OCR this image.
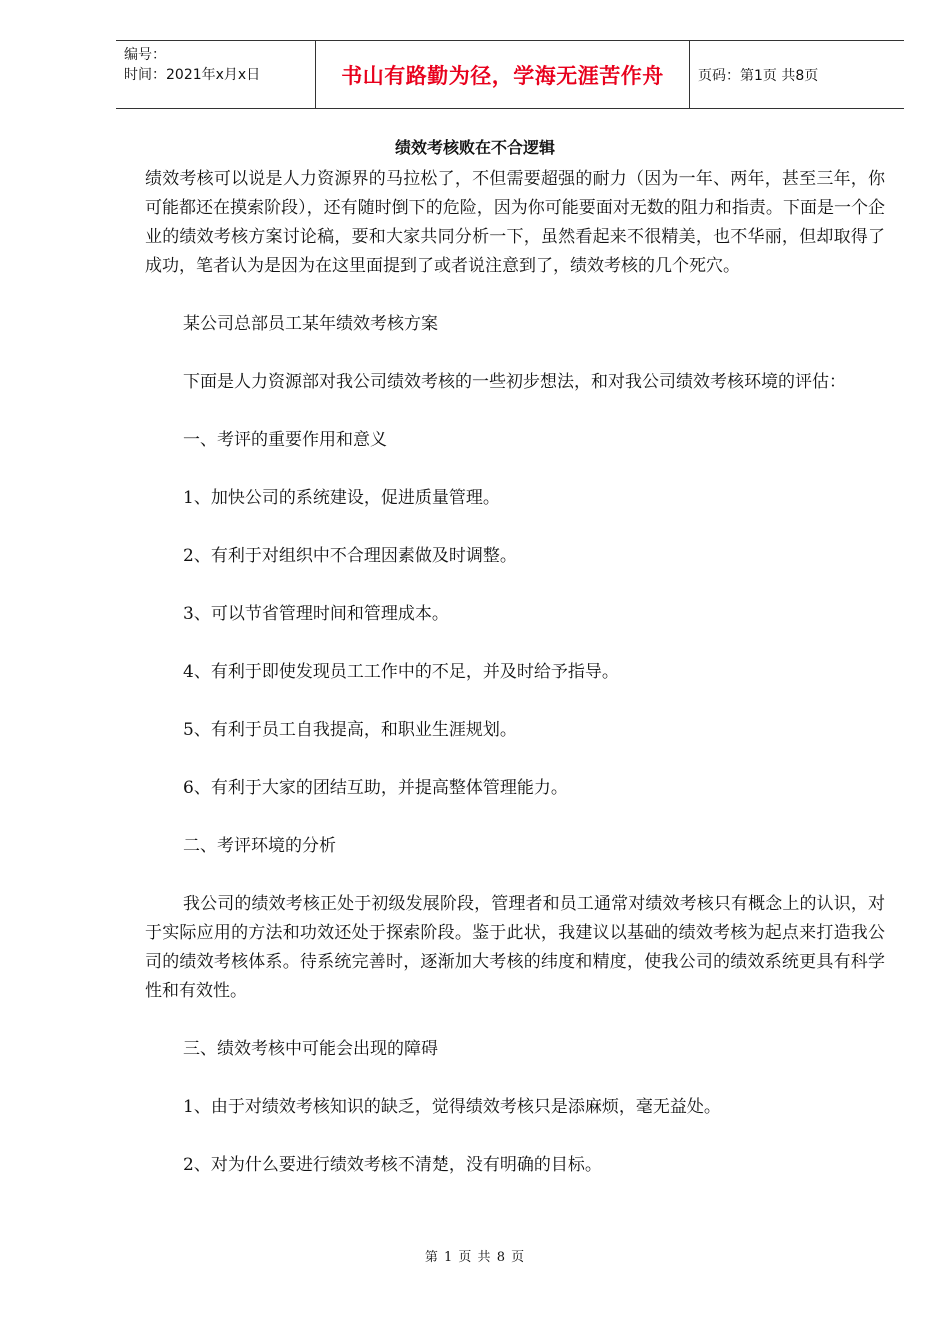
编号：
时间：2021年x月x日	书山有路勤为径，学海无涯苦作舟	页码：第1页 共8页
绩效考核败在不合逻辑

绩效考核可以说是人力资源界的马拉松了，不但需要超强的耐力（因为一年、两年，甚至三年，你可能都还在摸索阶段），还有随时倒下的危险，因为你可能要面对无数的阻力和指责。下面是一个企业的绩效考核方案讨论稿，要和大家共同分析一下，虽然看起来不很精美，也不华丽，但却取得了成功，笔者认为是因为在这里面提到了或者说注意到了，绩效考核的几个死穴。

某公司总部员工某年绩效考核方案

下面是人力资源部对我公司绩效考核的一些初步想法，和对我公司绩效考核环境的评估：

一、考评的重要作用和意义

1、加快公司的系统建设，促进质量管理。

2、有利于对组织中不合理因素做及时调整。

3、可以节省管理时间和管理成本。

4、有利于即使发现员工工作中的不足，并及时给予指导。

5、有利于员工自我提高，和职业生涯规划。

6、有利于大家的团结互助，并提高整体管理能力。

二、考评环境的分析

我公司的绩效考核正处于初级发展阶段，管理者和员工通常对绩效考核只有概念上的认识，对于实际应用的方法和功效还处于探索阶段。鉴于此状，我建议以基础的绩效考核为起点来打造我公司的绩效考核体系。待系统完善时，逐渐加大考核的纬度和精度，使我公司的绩效系统更具有科学性和有效性。

三、绩效考核中可能会出现的障碍

1、由于对绩效考核知识的缺乏，觉得绩效考核只是添麻烦，毫无益处。

2、对为什么要进行绩效考核不清楚，没有明确的目标。

第 1 页 共 8 页
